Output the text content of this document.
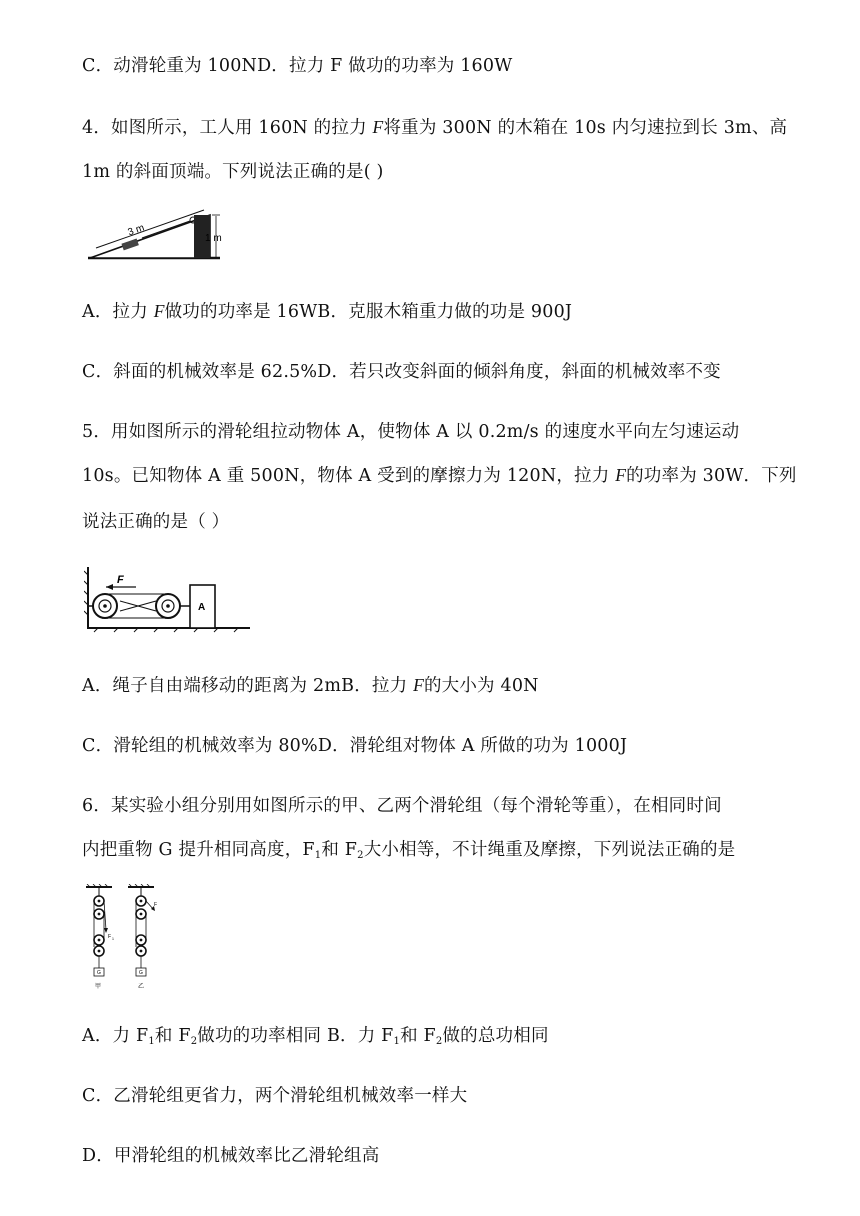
C．动滑轮重为 100ND．拉力 F 做功的功率为 160W
4．如图所示，工人用 160N 的拉力 F将重为 300N 的木箱在 10s 内匀速拉到长 3m、高
1m 的斜面顶端。下列说法正确的是( )
3 m
1 m
A．拉力 F做功的功率是 16WB．克服木箱重力做的功是 900J
C．斜面的机械效率是 62.5%D．若只改变斜面的倾斜角度，斜面的机械效率不变
5．用如图所示的滑轮组拉动物体 A，使物体 A 以 0.2m/s 的速度水平向左匀速运动
10s。已知物体 A 重 500N，物体 A 受到的摩擦力为 120N，拉力 F的功率为 30W．下列
说法正确的是（ ）
F
A
A．绳子自由端移动的距离为 2mB．拉力 F的大小为 40N
C．滑轮组的机械效率为 80%D．滑轮组对物体 A 所做的功为 1000J
6．某实验小组分别用如图所示的甲、乙两个滑轮组（每个滑轮等重），在相同时间
内把重物 G 提升相同高度，$F_1$和 $F_2$大小相等，不计绳重及摩擦，下列说法正确的是
F 1
G
甲
F
G
乙
A．力 $F_1$和 $F_2$做功的功率相同 B．力 $F_1$和 $F_2$做的总功相同
C．乙滑轮组更省力，两个滑轮组机械效率一样大
D．甲滑轮组的机械效率比乙滑轮组高
